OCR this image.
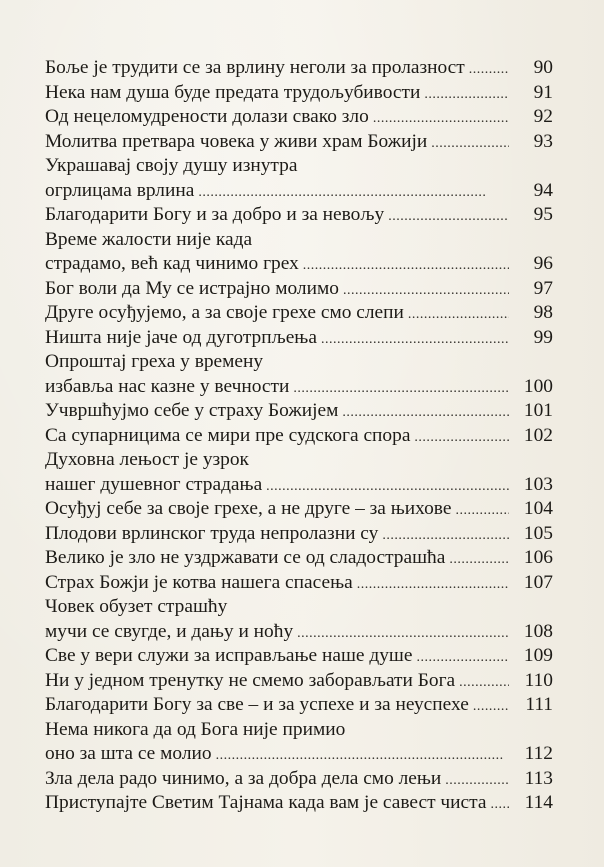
Боље је трудити се за врлину неголи за пролазност . . .	90
Нека нам душа буде предата трудољубивости . . .	91
Од нецеломудрености долази свако зло . . .	92
Молитва претвара човека у живи храм Божији . . .	93
Украшавај своју душу изнутра
огрлицама врлина . . .	94
Благодарити Богу и за добро и за невољу . . .	95
Време жалости није када
страдамо, већ кад чинимо грех . . .	96
Бог воли да Му се истрајно молимо . . .	97
Друге осуђујемо, а за своје грехе смо слепи . . .	98
Ништа није јаче од дуготрпљења . . .	99
Опроштај греха у времену
избавља нас казне у вечности . . .	100
Учвршћујмо себе у страху Божијем . . .	101
Са супарницима се мири пре судскога спора . . .	102
Духовна лењост је узрок
нашег душевног страдања . . .	103
Осуђуј себе за своје грехе, а не друге – за њихове . . .	104
Плодови врлинског труда непролазни су . . .	105
Велико је зло не уздржавати се од сладострашћа . . .	106
Страх Божји је котва нашега спасења . . .	107
Човек обузет страшћу
мучи се свугде, и дању и ноћу . . .	108
Све у вери служи за исправљање наше душе . . .	109
Ни у једном тренутку не смемо заборављати Бога . . .	110
Благодарити Богу за све – и за успехе и за неуспехе . . .	111
Нема никога да од Бога није примио
оно за шта се молио . . .	112
Зла дела радо чинимо, а за добра дела смо лењи . . .	113
Приступајте Светим Тајнама када вам је савест чиста . . .	114
